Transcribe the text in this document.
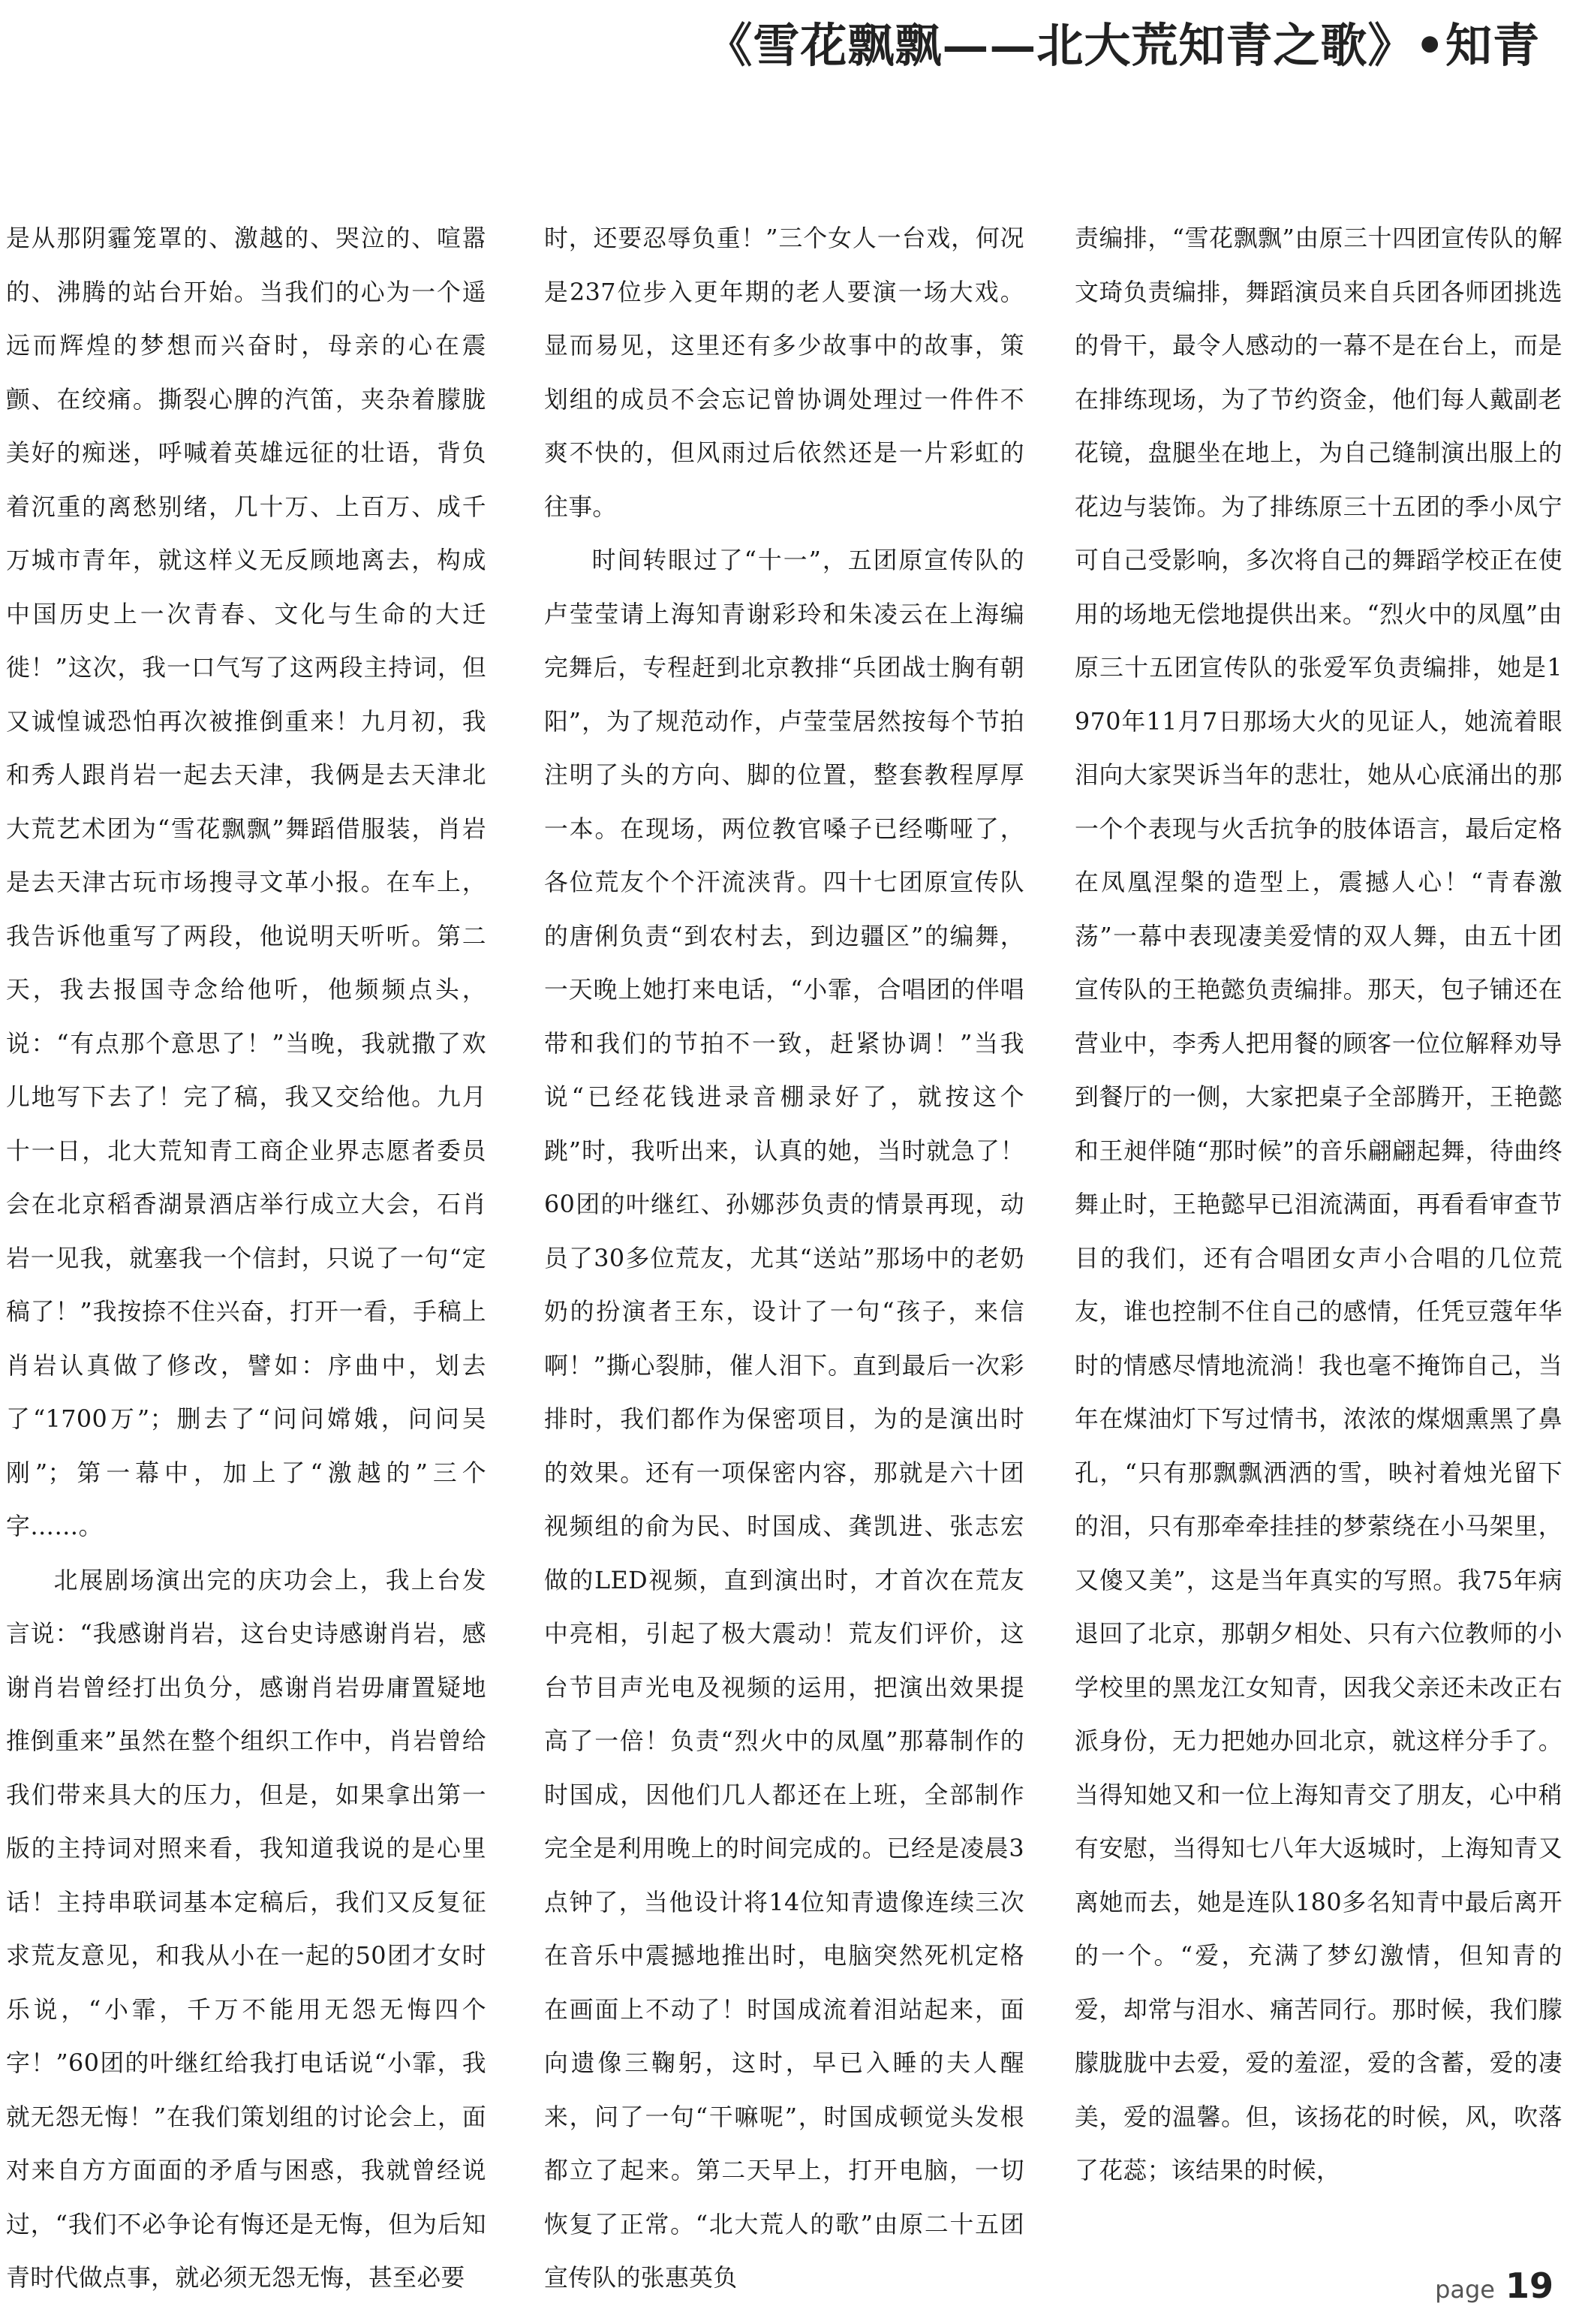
《雪花飘飘——北大荒知青之歌》•知青

是从那阴霾笼罩的、激越的、哭泣的、喧嚣的、沸腾的站台开始。当我们的心为一个遥远而辉煌的梦想而兴奋时，母亲的心在震颤、在绞痛。撕裂心脾的汽笛，夹杂着朦胧美好的痴迷，呼喊着英雄远征的壮语，背负着沉重的离愁别绪，几十万、上百万、成千万城市青年，就这样义无反顾地离去，构成中国历史上一次青春、文化与生命的大迁徙！”这次，我一口气写了这两段主持词，但又诚惶诚恐怕再次被推倒重来！九月初，我和秀人跟肖岩一起去天津，我俩是去天津北大荒艺术团为“雪花飘飘”舞蹈借服装，肖岩是去天津古玩市场搜寻文革小报。在车上，我告诉他重写了两段，他说明天听听。第二天，我去报国寺念给他听，他频频点头，说：“有点那个意思了！”当晚，我就撒了欢儿地写下去了！完了稿，我又交给他。九月十一日，北大荒知青工商企业界志愿者委员会在北京稻香湖景酒店举行成立大会，石肖岩一见我，就塞我一个信封，只说了一句“定稿了！”我按捺不住兴奋，打开一看，手稿上肖岩认真做了修改，譬如：序曲中，划去了“1700万”；删去了“问问嫦娥，问问吴刚”；第一幕中，加上了“激越的”三个字……。

北展剧场演出完的庆功会上，我上台发言说：“我感谢肖岩，这台史诗感谢肖岩，感谢肖岩曾经打出负分，感谢肖岩毋庸置疑地推倒重来”虽然在整个组织工作中，肖岩曾给我们带来具大的压力，但是，如果拿出第一版的主持词对照来看，我知道我说的是心里话！主持串联词基本定稿后，我们又反复征求荒友意见，和我从小在一起的50团才女时乐说，“小霏，千万不能用无怨无悔四个字！”60团的叶继红给我打电话说“小霏，我就无怨无悔！”在我们策划组的讨论会上，面对来自方方面面的矛盾与困惑，我就曾经说过，“我们不必争论有悔还是无悔，但为后知青时代做点事，就必须无怨无悔，甚至必要

时，还要忍辱负重！”三个女人一台戏，何况是237位步入更年期的老人要演一场大戏。显而易见，这里还有多少故事中的故事，策划组的成员不会忘记曾协调处理过一件件不爽不快的，但风雨过后依然还是一片彩虹的往事。

时间转眼过了“十一”，五团原宣传队的卢莹莹请上海知青谢彩玲和朱凌云在上海编完舞后，专程赶到北京教排“兵团战士胸有朝阳”，为了规范动作，卢莹莹居然按每个节拍注明了头的方向、脚的位置，整套教程厚厚一本。在现场，两位教官嗓子已经嘶哑了，各位荒友个个汗流浃背。四十七团原宣传队的唐俐负责“到农村去，到边疆区”的编舞，一天晚上她打来电话，“小霏，合唱团的伴唱带和我们的节拍不一致，赶紧协调！”当我说“已经花钱进录音棚录好了，就按这个跳”时，我听出来，认真的她，当时就急了！60团的叶继红、孙娜莎负责的情景再现，动员了30多位荒友，尤其“送站”那场中的老奶奶的扮演者王东，设计了一句“孩子，来信啊！”撕心裂肺，催人泪下。直到最后一次彩排时，我们都作为保密项目，为的是演出时的效果。还有一项保密内容，那就是六十团视频组的俞为民、时国成、龚凯进、张志宏做的LED视频，直到演出时，才首次在荒友中亮相，引起了极大震动！荒友们评价，这台节目声光电及视频的运用，把演出效果提高了一倍！负责“烈火中的凤凰”那幕制作的时国成，因他们几人都还在上班，全部制作完全是利用晚上的时间完成的。已经是凌晨3点钟了，当他设计将14位知青遗像连续三次在音乐中震撼地推出时，电脑突然死机定格在画面上不动了！时国成流着泪站起来，面向遗像三鞠躬，这时，早已入睡的夫人醒来，问了一句“干嘛呢”，时国成顿觉头发根都立了起来。第二天早上，打开电脑，一切恢复了正常。“北大荒人的歌”由原二十五团宣传队的张惠英负

责编排，“雪花飘飘”由原三十四团宣传队的解文琦负责编排，舞蹈演员来自兵团各师团挑选的骨干，最令人感动的一幕不是在台上，而是在排练现场，为了节约资金，他们每人戴副老花镜，盘腿坐在地上，为自己缝制演出服上的花边与装饰。为了排练原三十五团的季小凤宁可自己受影响，多次将自己的舞蹈学校正在使用的场地无偿地提供出来。“烈火中的凤凰”由原三十五团宣传队的张爱军负责编排，她是1970年11月7日那场大火的见证人，她流着眼泪向大家哭诉当年的悲壮，她从心底涌出的那一个个表现与火舌抗争的肢体语言，最后定格在凤凰涅槃的造型上，震撼人心！“青春激荡”一幕中表现凄美爱情的双人舞，由五十团宣传队的王艳懿负责编排。那天，包子铺还在营业中，李秀人把用餐的顾客一位位解释劝导到餐厅的一侧，大家把桌子全部腾开，王艳懿和王昶伴随“那时候”的音乐翩翩起舞，待曲终舞止时，王艳懿早已泪流满面，再看看审查节目的我们，还有合唱团女声小合唱的几位荒友，谁也控制不住自己的感情，任凭豆蔻年华时的情感尽情地流淌！我也毫不掩饰自己，当年在煤油灯下写过情书，浓浓的煤烟熏黑了鼻孔，“只有那飘飘洒洒的雪，映衬着烛光留下的泪，只有那牵牵挂挂的梦萦绕在小马架里，又傻又美”，这是当年真实的写照。我75年病退回了北京，那朝夕相处、只有六位教师的小学校里的黑龙江女知青，因我父亲还未改正右派身份，无力把她办回北京，就这样分手了。当得知她又和一位上海知青交了朋友，心中稍有安慰，当得知七八年大返城时，上海知青又离她而去，她是连队180多名知青中最后离开的一个。“爱，充满了梦幻激情，但知青的爱，却常与泪水、痛苦同行。那时候，我们朦朦胧胧中去爱，爱的羞涩，爱的含蓄，爱的凄美，爱的温馨。但，该扬花的时候，风，吹落了花蕊；该结果的时候，

page 19
